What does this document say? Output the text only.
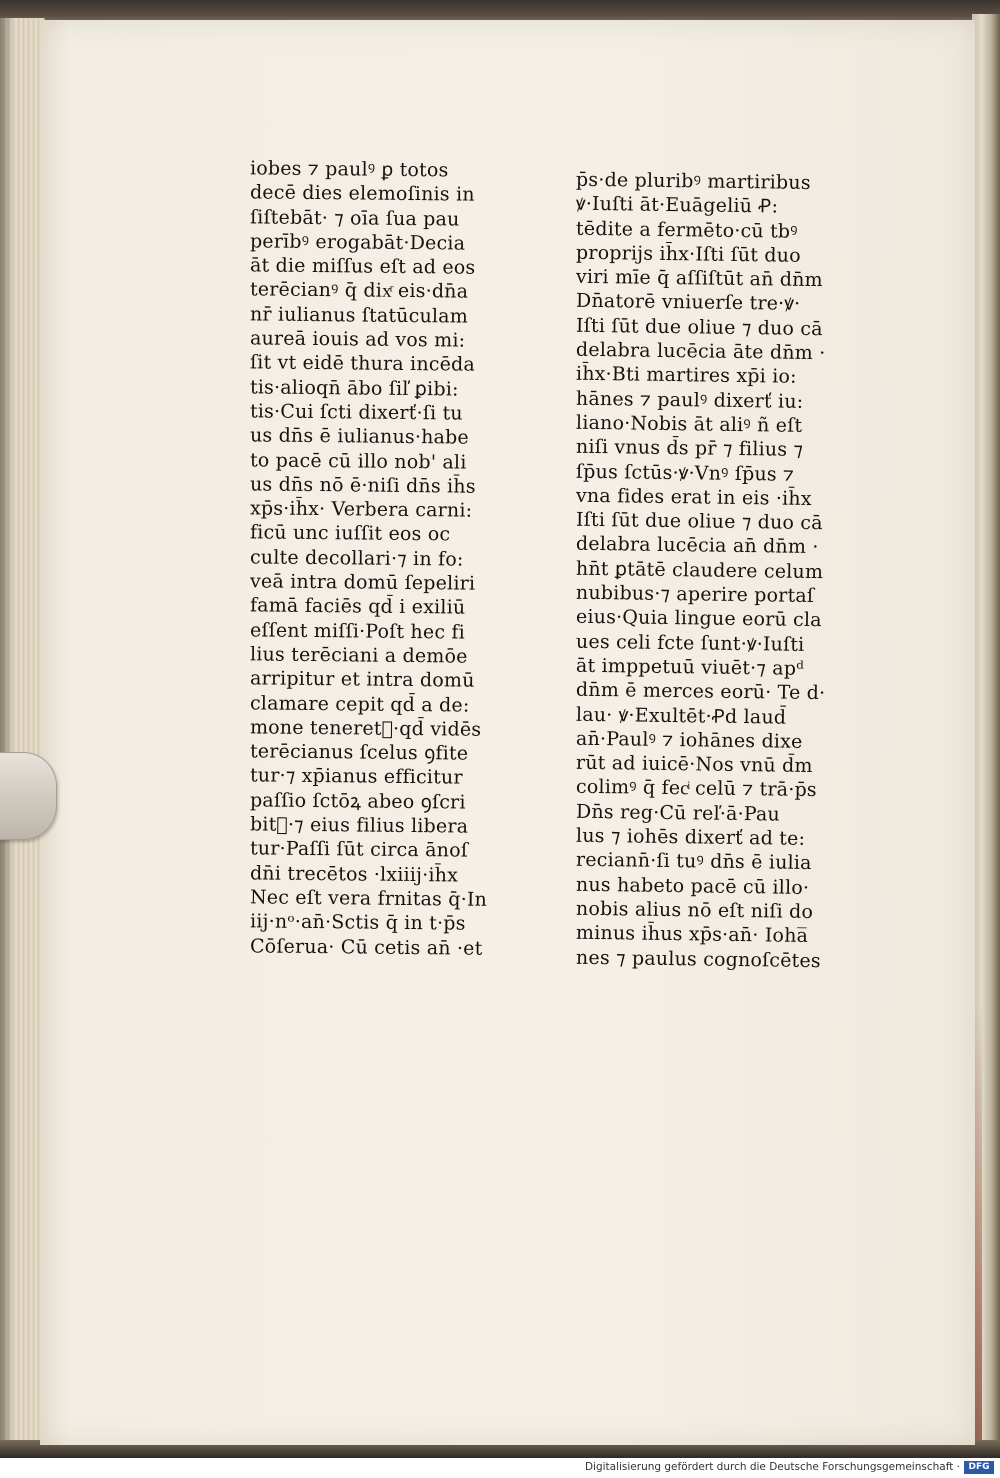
iobes ⁊ paulꝰ ꝑ totos
decē dies elemoſinis in
ſiſtebāt· ⁊ oīa ſua pau
perībꝰ erogabāt·Decia
āt die miſſus eſt ad eos
terēcianꝰ q̄ dixͬ eis·dn̄a
nr̄ iulianus ſtatūculam
aureā iouis ad vos mi:
ſit vt eidē thura incēda
tis·alioqn̄ ābo ſiľ ꝑibi:
tis·Cui ſcti dixerť·ſi tu
us dn̄s ē iulianus·habe
to pacē cū illo nob' ali
us dn̄s nō ē·niſi dn̄s ih̄s
xp̄s·ih̄x· Verbera carni:
ficū unc iuſſit eos oc
culte decollari·⁊ in fo:
veā intra domū ſepeliri
famā faciēs qd̄ i exiliū
eſſent miſſi·Poſt hec fi
lius terēciani a demōe
arripitur et intra domū
clamare cepit qd̄ a de:
mone teneretᷣ·qd̄ vidēs
terēcianus ſcelus ꝯfite
tur·⁊ xp̄ianus efficitur
paſſio ſctōꝝ abeo ꝯſcri
bitᷣ·⁊ eius filius libera
tur·Paſſi ſūt circa ānoſ
dn̄i trecētos ·lxiiij·ih̄x
Nec eſt vera frnitas q̄·In
iij·nᵒ·an̄·Sctis q̄ in t·p̄s
Cōſerua· Cū cetis an̄ ·et
p̄s·de pluribꝰ martiribus
ꝟ·Iuſti āt·Euāgeliū Ꝓ:
tēdite a fermēto·cū tbꝰ
proprijs ih̄x·Iſti ſūt duo
viri mīe q̄ aſſiſtūt an̄ dn̄m
Dn̄atorē vniuerſe tre·ꝟ·
Iſti ſūt due oliue ⁊ duo cā
delabra lucēcia āte dn̄m ·
ih̄x·Bti martires xp̄i io:
hānes ⁊ paulꝰ dixerť iu:
liano·Nobis āt aliꝰ ñ eſt
niſi vnus d̄s pr̄ ⁊ filius ⁊
ſp̄us ſctūs·ꝟ·Vnꝰ ſp̄us ⁊
vna fides erat in eis ·ih̄x
Iſti ſūt due oliue ⁊ duo cā
delabra lucēcia an̄ dn̄m ·
hn̄t ꝑtātē claudere celum
nubibus·⁊ aperire portaſ
eius·Quia lingue eorū cla
ues celi fcte ſunt·ꝟ·Iuſti
āt imppetuū viuēt·⁊ apᵈ
dn̄m ē merces eorū· Te d·
lau· ꝟ·Exultēt·Ꝓd laud̄
an̄·Paulꝰ ⁊ iohānes dixe
rūt ad iuicē·Nos vnū d̄m
colimꝰ q̄ fecͥ celū ⁊ trā·p̄s
Dn̄s reg·Cū reľ·ā·Pau
lus ⁊ iohēs dixerť ad te:
reciann̄·ſi tuꝰ dn̄s ē iulia
nus habeto pacē cū illo·
nobis alius nō eſt niſi do
minus ih̄us xp̄s·an̄· Ioha̅
nes ⁊ paulus cognoſcētes
Digitalisierung gefördert durch die Deutsche Forschungsgemeinschaft · DFG
